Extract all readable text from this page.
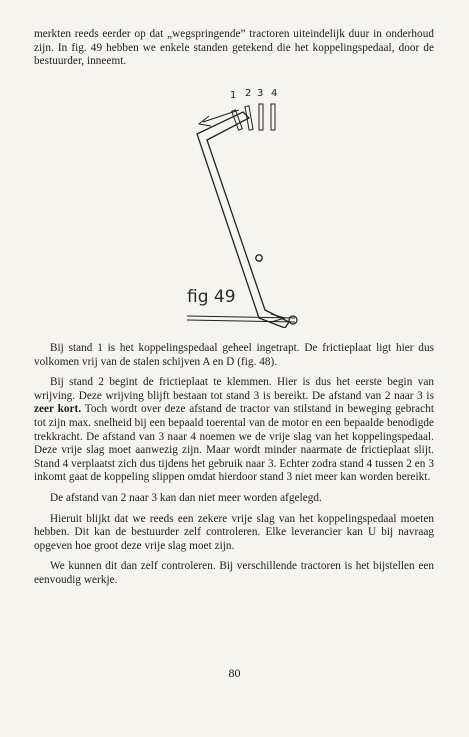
merkten reeds eerder op dat „wegspringende” tractoren uiteindelijk duur in onderhoud zijn. In fig. 49 hebben we enkele standen getekend die het koppelingspedaal, door de bestuurder, inneemt.

1 2 3 4
fig 49

Bij stand 1 is het koppelingspedaal geheel ingetrapt. De frictieplaat ligt hier dus volkomen vrij van de stalen schijven A en D (fig. 48).

Bij stand 2 begint de frictieplaat te klemmen. Hier is dus het eerste begin van wrijving. Deze wrijving blijft bestaan tot stand 3 is bereikt. De afstand van 2 naar 3 is zeer kort. Toch wordt over deze afstand de tractor van stilstand in beweging gebracht tot zijn max. snelheid bij een bepaald toerental van de motor en een bepaalde benodigde trekkracht. De afstand van 3 naar 4 noemen we de vrije slag van het koppelingspedaal. Deze vrije slag moet aanwezig zijn. Maar wordt minder naarmate de frictieplaat slijt. Stand 4 verplaatst zich dus tijdens het gebruik naar 3. Echter zodra stand 4 tussen 2 en 3 inkomt gaat de koppeling slippen omdat hierdoor stand 3 niet meer kan worden bereikt.

De afstand van 2 naar 3 kan dan niet meer worden afgelegd.

Hieruit blijkt dat we reeds een zekere vrije slag van het koppelingspedaal moeten hebben. Dit kan de bestuurder zelf controleren. Elke leverancier kan U bij navraag opgeven hoe groot deze vrije slag moet zijn.

We kunnen dit dan zelf controleren. Bij verschillende tractoren is het bijstellen een eenvoudig werkje.

80
